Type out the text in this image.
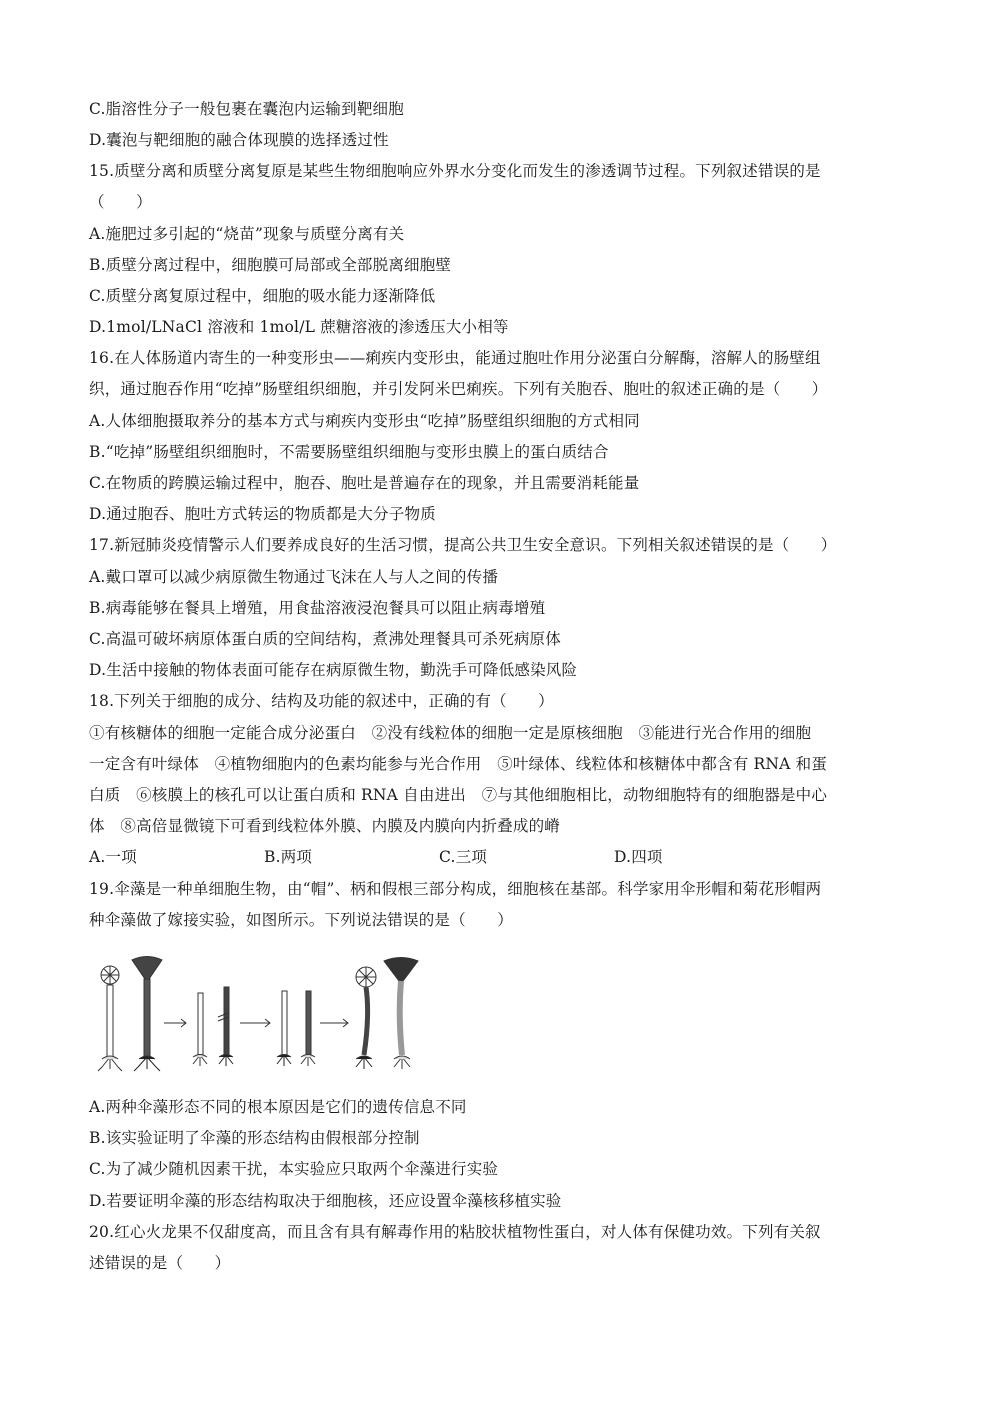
C.脂溶性分子一般包裹在囊泡内运输到靶细胞
D.囊泡与靶细胞的融合体现膜的选择透过性
15.质壁分离和质壁分离复原是某些生物细胞响应外界水分变化而发生的渗透调节过程。下列叙述错误的是
（　　）
A.施肥过多引起的“烧苗”现象与质壁分离有关
B.质壁分离过程中，细胞膜可局部或全部脱离细胞壁
C.质壁分离复原过程中，细胞的吸水能力逐渐降低
D.1mol/LNaCl 溶液和 1mol/L 蔗糖溶液的渗透压大小相等
16.在人体肠道内寄生的一种变形虫——痢疾内变形虫，能通过胞吐作用分泌蛋白分解酶，溶解人的肠壁组
织，通过胞吞作用“吃掉”肠壁组织细胞，并引发阿米巴痢疾。下列有关胞吞、胞吐的叙述正确的是（　　）
A.人体细胞摄取养分的基本方式与痢疾内变形虫“吃掉”肠壁组织细胞的方式相同
B.“吃掉”肠壁组织细胞时，不需要肠壁组织细胞与变形虫膜上的蛋白质结合
C.在物质的跨膜运输过程中，胞吞、胞吐是普遍存在的现象，并且需要消耗能量
D.通过胞吞、胞吐方式转运的物质都是大分子物质
17.新冠肺炎疫情警示人们要养成良好的生活习惯，提高公共卫生安全意识。下列相关叙述错误的是（　　）
A.戴口罩可以减少病原微生物通过飞沫在人与人之间的传播
B.病毒能够在餐具上增殖，用食盐溶液浸泡餐具可以阻止病毒增殖
C.高温可破坏病原体蛋白质的空间结构，煮沸处理餐具可杀死病原体
D.生活中接触的物体表面可能存在病原微生物，勤洗手可降低感染风险
18.下列关于细胞的成分、结构及功能的叙述中，正确的有（　　）
①有核糖体的细胞一定能合成分泌蛋白　②没有线粒体的细胞一定是原核细胞　③能进行光合作用的细胞
一定含有叶绿体　④植物细胞内的色素均能参与光合作用　⑤叶绿体、线粒体和核糖体中都含有 RNA 和蛋
白质　⑥核膜上的核孔可以让蛋白质和 RNA 自由进出　⑦与其他细胞相比，动物细胞特有的细胞器是中心
体　⑧高倍显微镜下可看到线粒体外膜、内膜及内膜向内折叠成的嵴
A.一项	B.两项	C.三项	D.四项
19.伞藻是一种单细胞生物，由“帽”、柄和假根三部分构成，细胞核在基部。科学家用伞形帽和菊花形帽两
种伞藻做了嫁接实验，如图所示。下列说法错误的是（　　）
A.两种伞藻形态不同的根本原因是它们的遗传信息不同
B.该实验证明了伞藻的形态结构由假根部分控制
C.为了减少随机因素干扰，本实验应只取两个伞藻进行实验
D.若要证明伞藻的形态结构取决于细胞核，还应设置伞藻核移植实验
20.红心火龙果不仅甜度高，而且含有具有解毒作用的粘胶状植物性蛋白，对人体有保健功效。下列有关叙
述错误的是（　　）
